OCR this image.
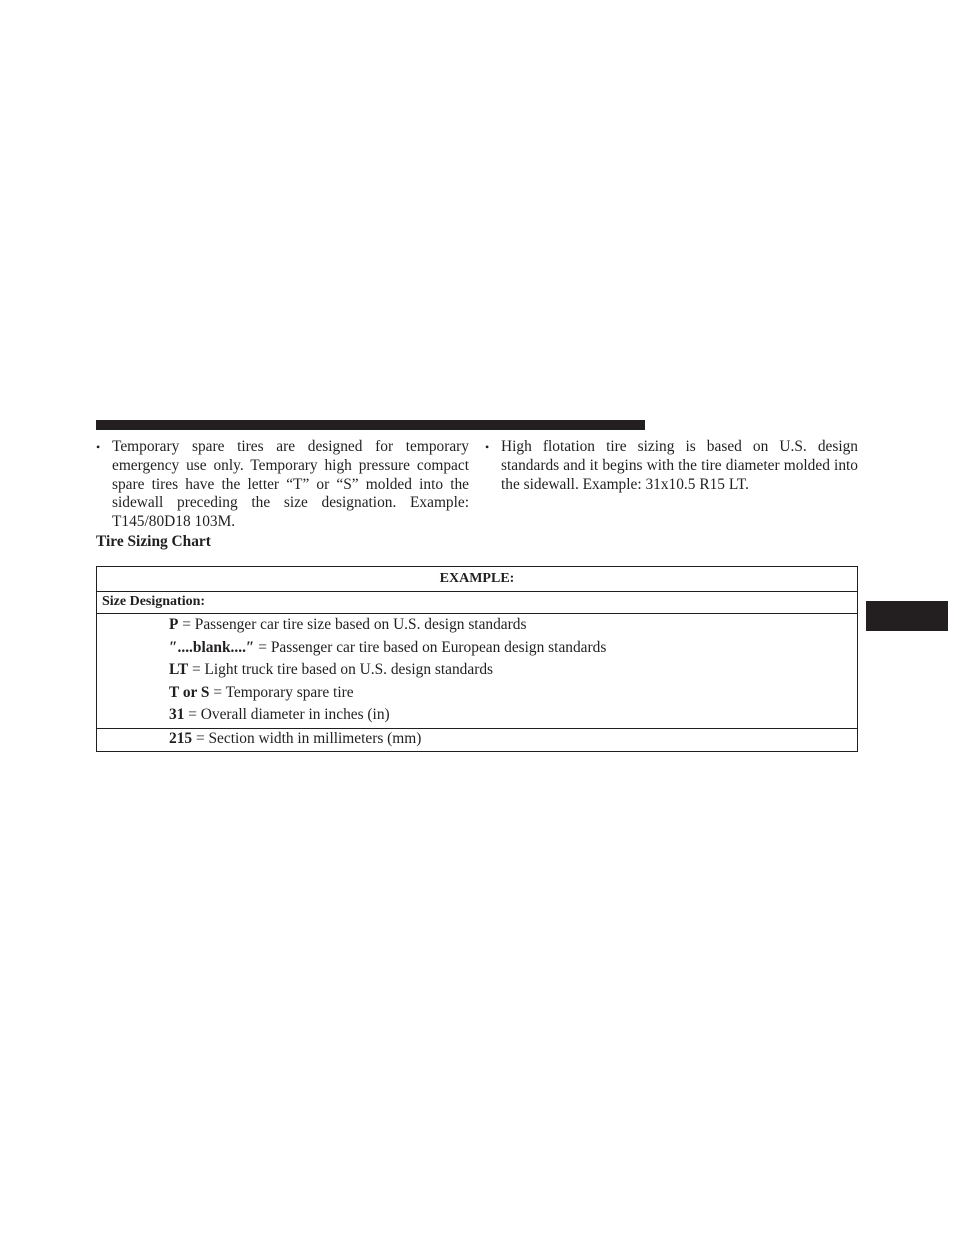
• Temporary spare tires are designed for temporary emergency use only. Temporary high pressure compact spare tires have the letter “T” or “S” molded into the sidewall preceding the size designation. Example: T145/80D18 103M.
• High flotation tire sizing is based on U.S. design standards and it begins with the tire diameter molded into the sidewall. Example: 31x10.5 R15 LT.
Tire Sizing Chart
EXAMPLE:
Size Designation:
P = Passenger car tire size based on U.S. design standards
″....blank....″ = Passenger car tire based on European design standards
LT = Light truck tire based on U.S. design standards
T or S = Temporary spare tire
31 = Overall diameter in inches (in)
215 = Section width in millimeters (mm)
